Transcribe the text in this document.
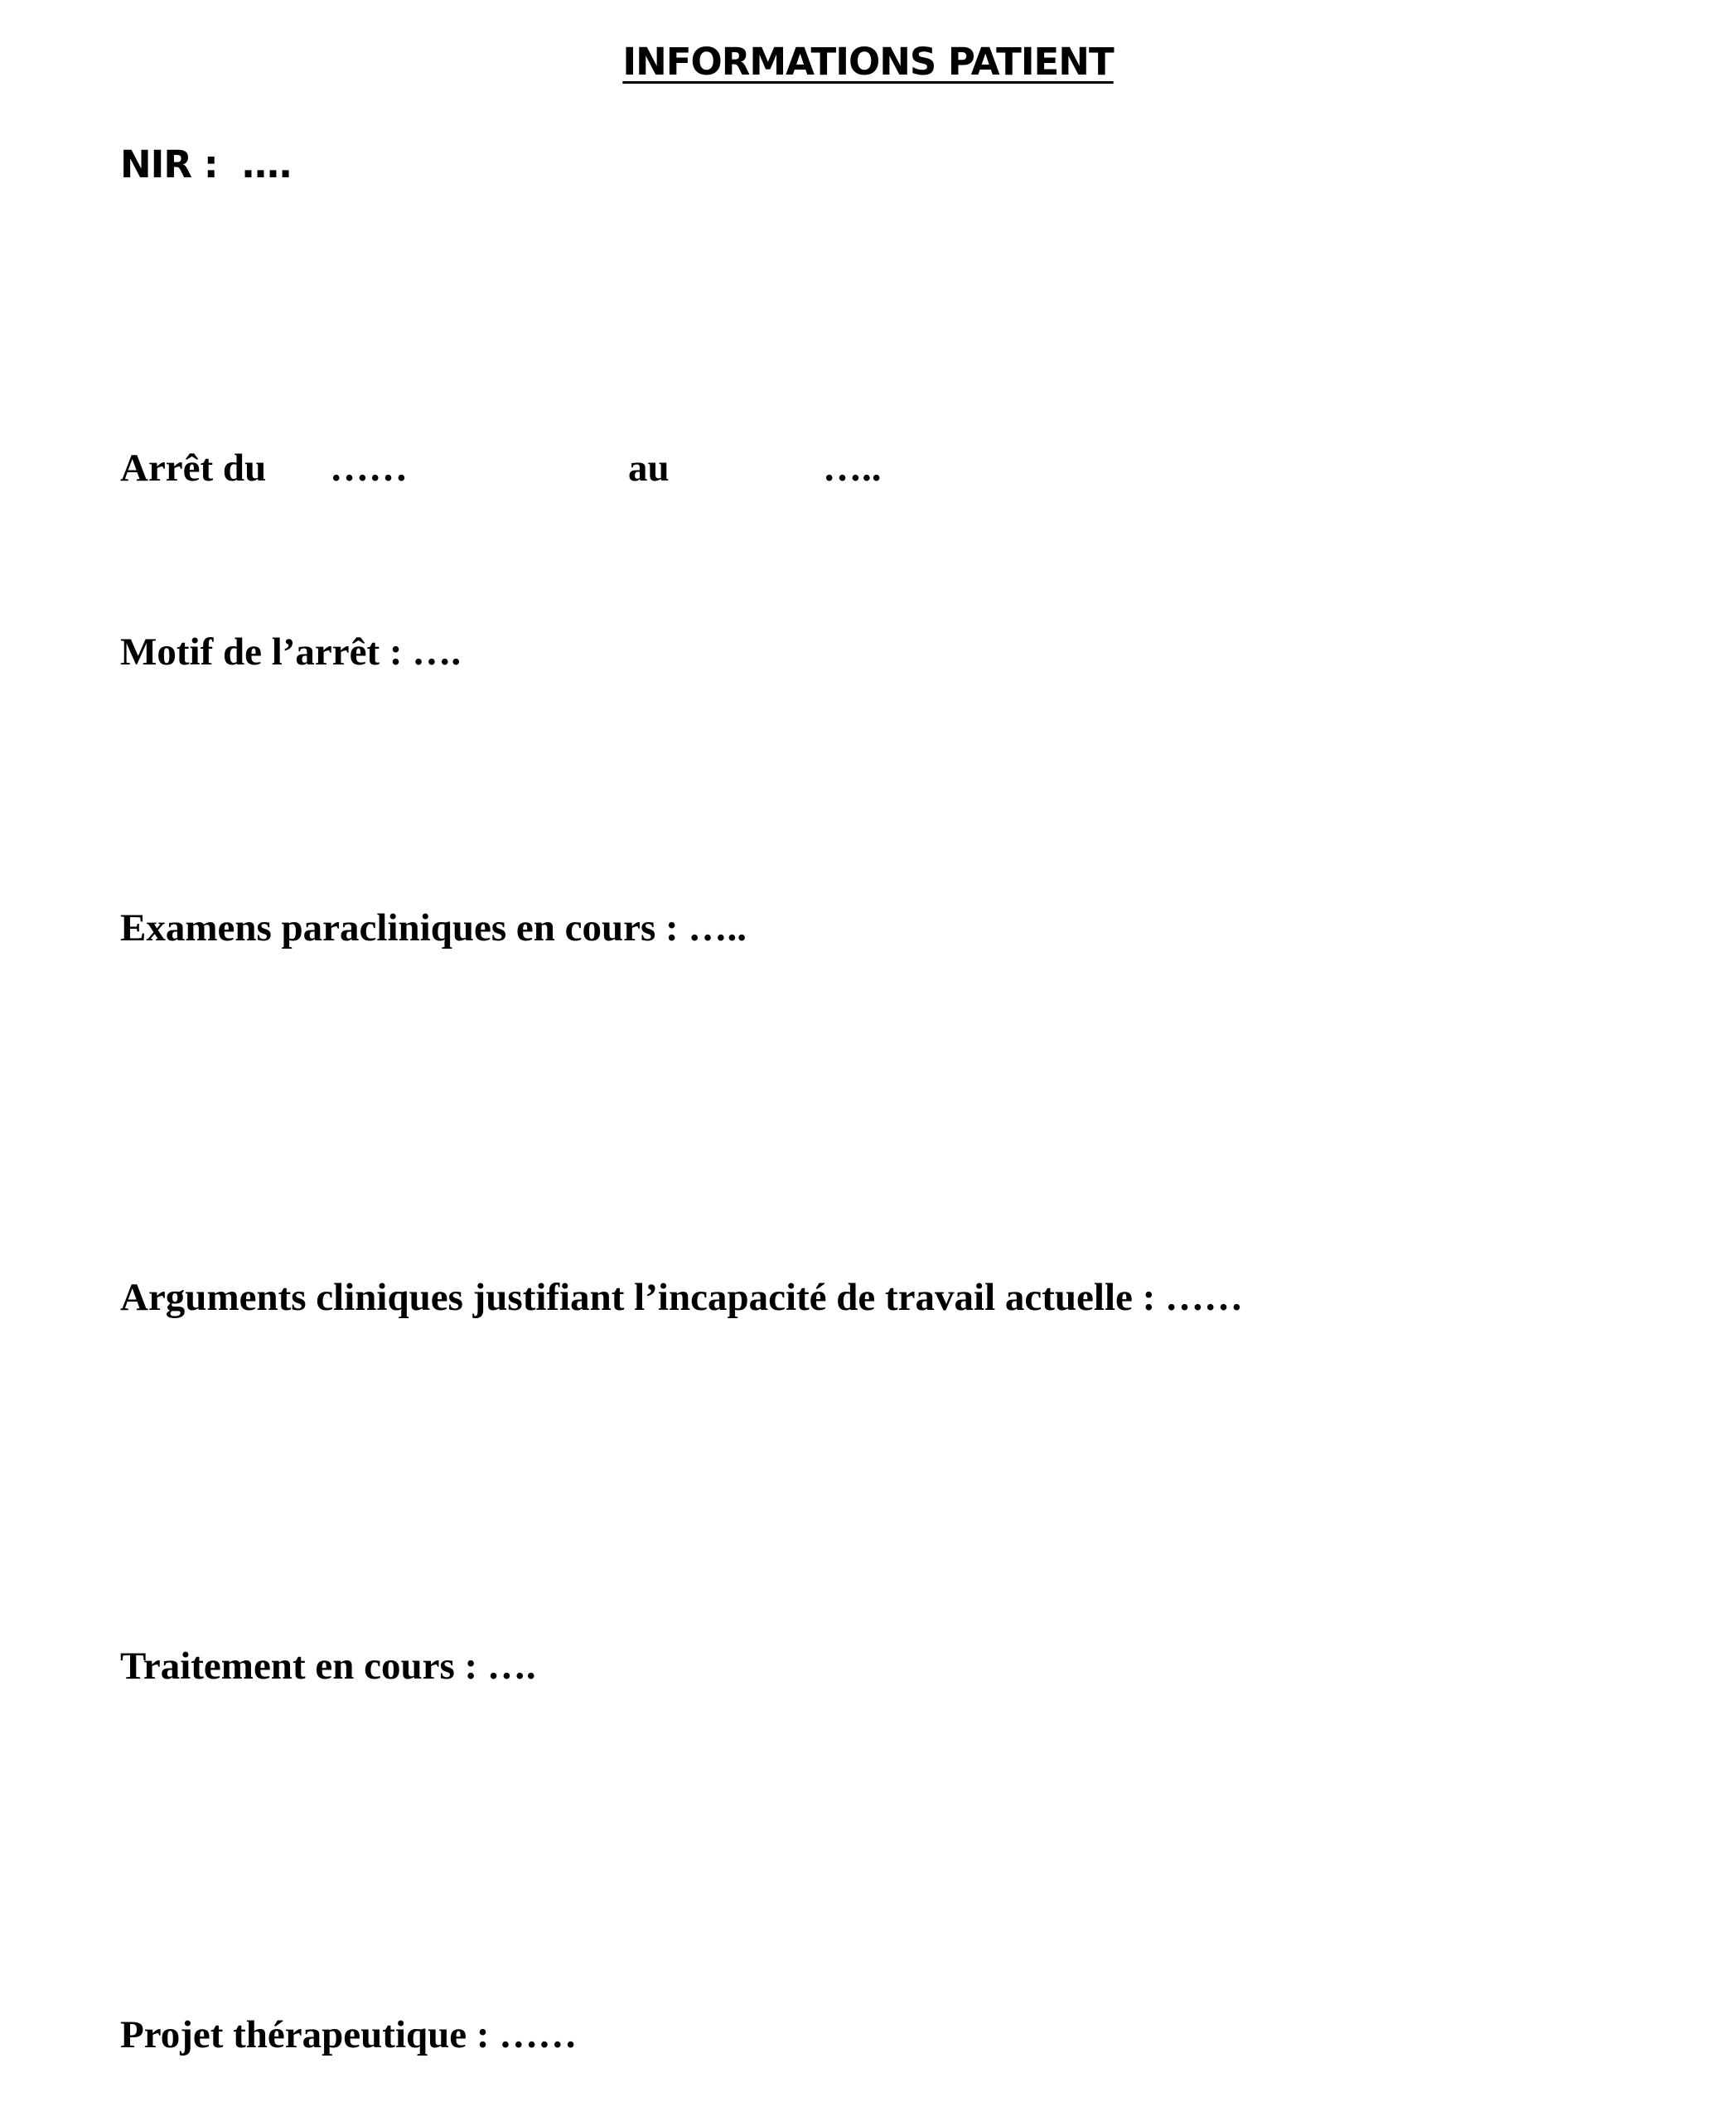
INFORMATIONS PATIENT
NIR :  ….
Arrêt du ……	au	…..
Motif de l’arrêt : ….
Examens paracliniques en cours : …..
Arguments cliniques justifiant l’incapacité de travail actuelle : ……
Traitement en cours : ….
Projet thérapeutique : ……
